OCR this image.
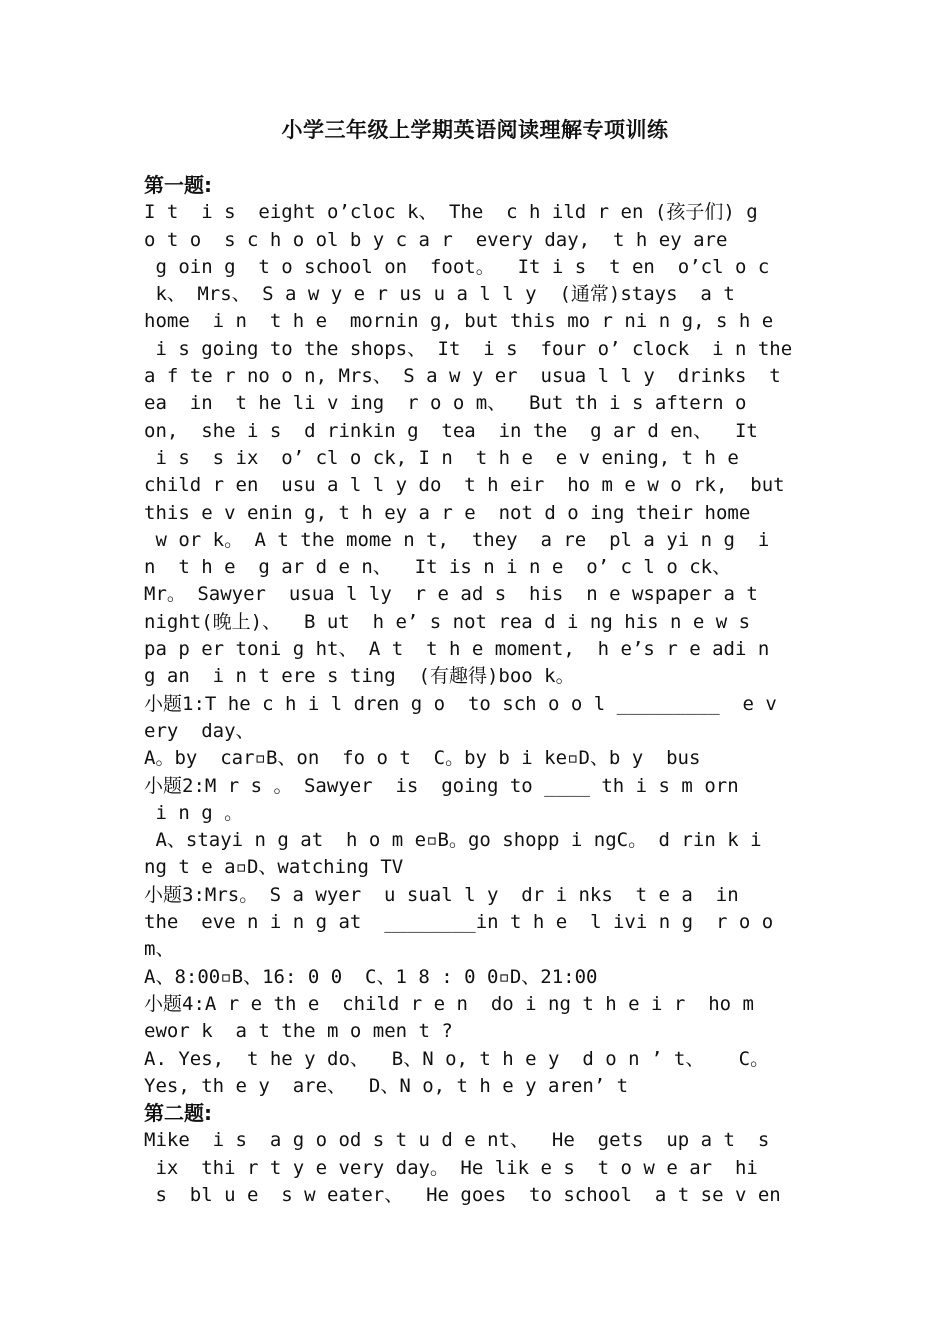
小学三年级上学期英语阅读理解专项训练
第一题:
I t  i s  eight o’cloc k、 The  c h ild r en (孩子们) g
o t o  s c h o ol b y c a r  every day,  t h ey are
g oin g  t o school on  foot。  It i s  t en  o’cl o c
k、 Mrs、 S a w y e r us u a l l y  (通常)stays  a t
home  i n  t h e  mornin g, but this mo r ni n g, s h e
i s going to the shops、 It  i s  four o’ clock  i n the
a f te r no o n, Mrs、 S a w y er  usua l l y  drinks  t
ea  in  t he li v ing  r o o m、  But th i s aftern o
on,  she i s  d rinkin g  tea  in the  g ar d en、  It
i s  s ix  o’ cl o ck, I n  t h e  e v ening, t h e
child r en  usu a l l y do  t h eir  ho m e w o rk,  but
this e v enin g, t h ey a r e  not d o ing their home
w or k。 A t the mome n t,  they  a re  pl a yi n g  i
n  t h e  g ar d e n、  It is n i n e  o’ c l o ck、
Mr。 Sawyer  usua l ly  r e ad s  his  n e wspaper a t
night(晚上)、  B ut  h e’ s not rea d i ng his n e w s
pa p er toni g ht、 A t  t h e moment,  h e’s r e adi n
g an  i n t ere s ting  (有趣得)boo k。
小题1:T he c h i l dren g o  to sch o o l _________  e v
ery  day、
A。by  car▫B、on  fo o t  C。by b i ke▫D、b y  bus
小题2:M r s 。 Sawyer  is  going to ____ th i s m orn
i n g 。
A、stayi n g at  h o m e▫B。go shopp i ngC。 d rin k i
ng t e a▫D、watching TV
小题3:Mrs。 S a wyer  u sual l y  dr i nks  t e a  in
the  eve n i n g at  ________in t h e  l ivi n g  r o o
m、
A、8:00▫B、16: 0 0  C、1 8 : 0 0▫D、21:00
小题4:A r e th e  child r e n  do i ng t h e i r  ho m
ewor k  a t the m o men t ?
A. Yes,  t he y do、  B、N o, t h e y  d o n ’ t、   C。
Yes, th e y  are、  D、N o, t h e y aren’ t
第二题:
Mike  i s  a g o od s t u d e nt、  He  gets  up a t  s
ix  thi r t y e very day。 He lik e s  t o w e ar  hi
s  bl u e  s w eater、  He goes  to school  a t se v en
